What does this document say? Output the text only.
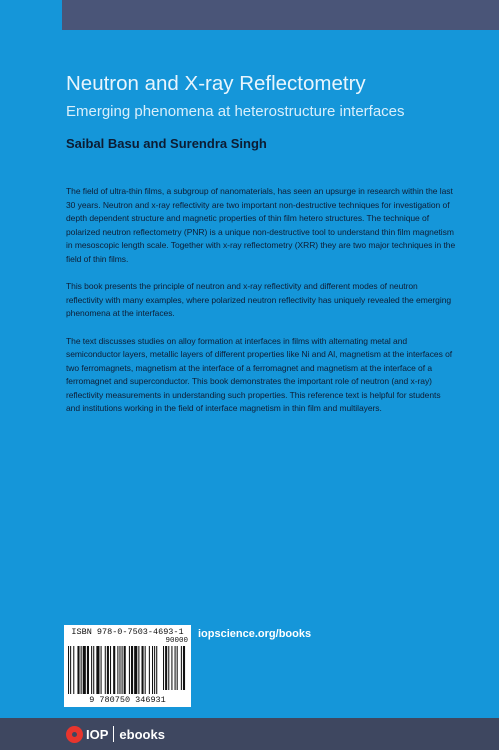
Neutron and X-ray Reflectometry
Emerging phenomena at heterostructure interfaces
Saibal Basu and Surendra Singh

The field of ultra-thin films, a subgroup of nanomaterials, has seen an upsurge in research within the last 30 years. Neutron and x-ray reflectivity are two important non-destructive techniques for investigation of depth dependent structure and magnetic properties of thin film hetero structures. The technique of polarized neutron reflectometry (PNR) is a unique non-destructive tool to understand thin film magnetism in mesoscopic length scale. Together with x-ray reflectometry (XRR) they are two major techniques in the field of thin films.

This book presents the principle of neutron and x-ray reflectivity and different modes of neutron reflectivity with many examples, where polarized neutron reflectivity has uniquely revealed the emerging phenomena at the interfaces.

The text discusses studies on alloy formation at interfaces in films with alternating metal and semiconductor layers, metallic layers of different properties like Ni and Al, magnetism at the interfaces of two ferromagnets, magnetism at the interface of a ferromagnet and magnetism at the interface of a ferromagnet and superconductor. This book demonstrates the important role of neutron (and x-ray) reflectivity measurements in understanding such properties. This reference text is helpful for students and institutions working in the field of interface magnetism in thin film and multilayers.

ISBN 978-0-7503-4693-1
90000
9 780750 346931
iopscience.org/books
IOP ebooks
